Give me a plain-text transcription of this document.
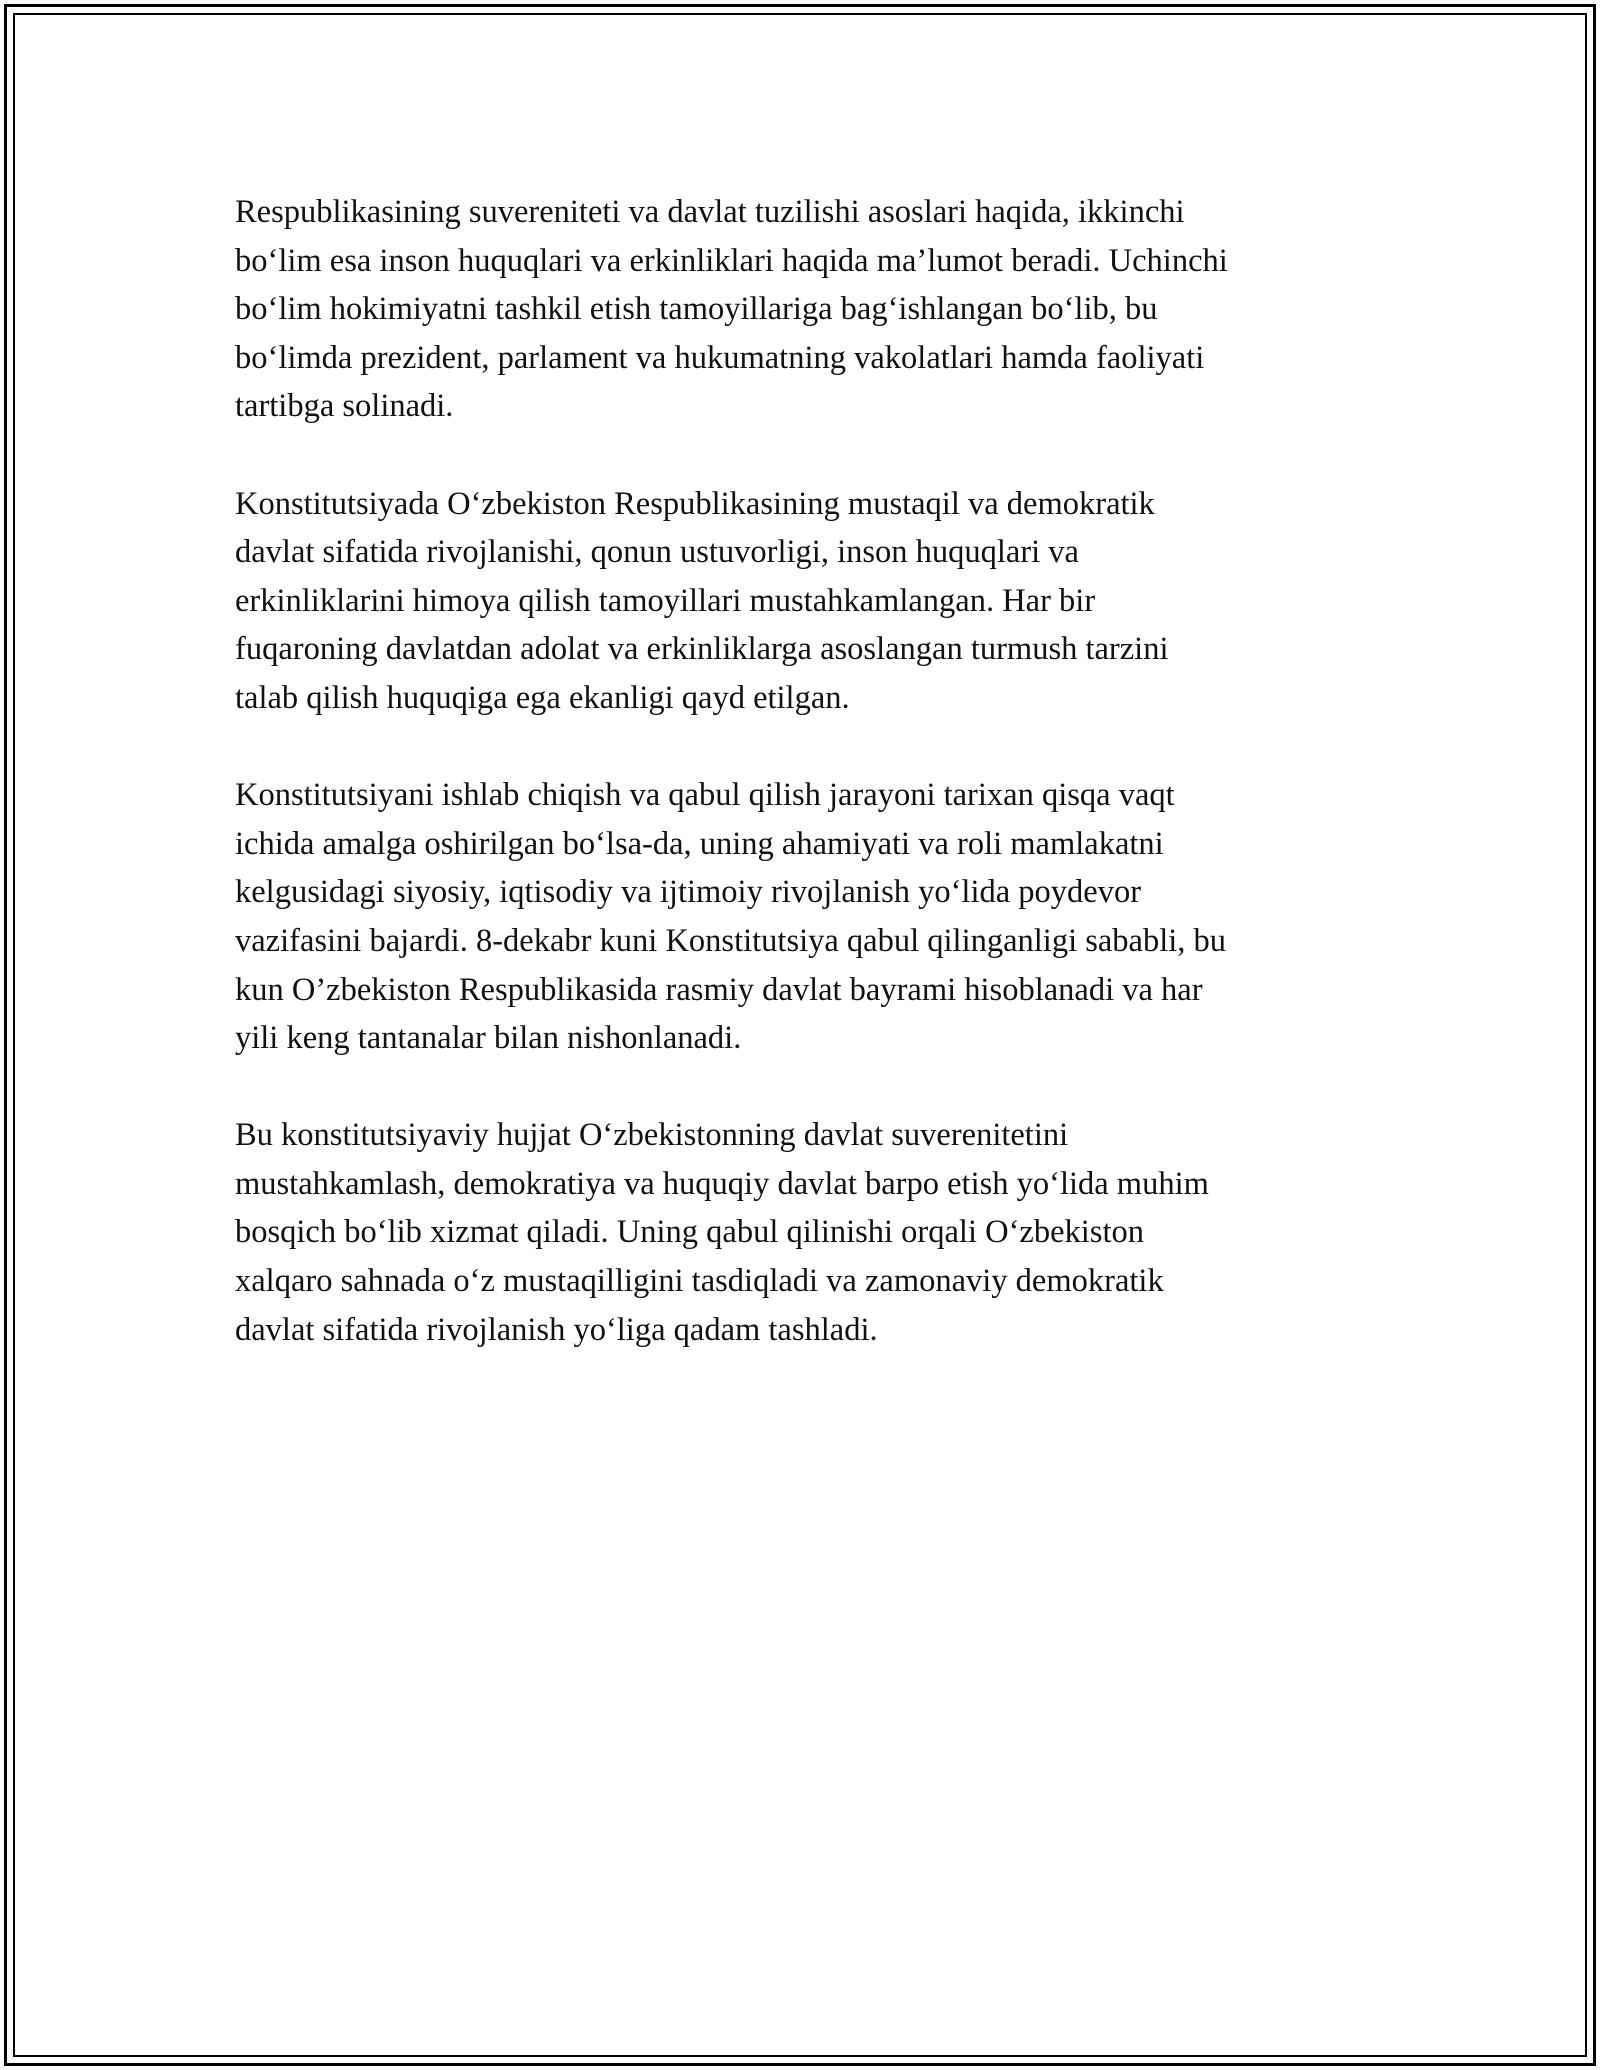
Respublikasining suvereniteti va davlat tuzilishi asoslari haqida, ikkinchi
bo‘lim esa inson huquqlari va erkinliklari haqida ma’lumot beradi. Uchinchi
bo‘lim hokimiyatni tashkil etish tamoyillariga bag‘ishlangan bo‘lib, bu
bo‘limda prezident, parlament va hukumatning vakolatlari hamda faoliyati
tartibga solinadi.

Konstitutsiyada O‘zbekiston Respublikasining mustaqil va demokratik
davlat sifatida rivojlanishi, qonun ustuvorligi, inson huquqlari va
erkinliklarini himoya qilish tamoyillari mustahkamlangan. Har bir
fuqaroning davlatdan adolat va erkinliklarga asoslangan turmush tarzini
talab qilish huquqiga ega ekanligi qayd etilgan.

Konstitutsiyani ishlab chiqish va qabul qilish jarayoni tarixan qisqa vaqt
ichida amalga oshirilgan bo‘lsa-da, uning ahamiyati va roli mamlakatni
kelgusidagi siyosiy, iqtisodiy va ijtimoiy rivojlanish yo‘lida poydevor
vazifasini bajardi. 8-dekabr kuni Konstitutsiya qabul qilinganligi sababli, bu
kun O’zbekiston Respublikasida rasmiy davlat bayrami hisoblanadi va har
yili keng tantanalar bilan nishonlanadi.

Bu konstitutsiyaviy hujjat O‘zbekistonning davlat suverenitetini
mustahkamlash, demokratiya va huquqiy davlat barpo etish yo‘lida muhim
bosqich bo‘lib xizmat qiladi. Uning qabul qilinishi orqali O‘zbekiston
xalqaro sahnada o‘z mustaqilligini tasdiqladi va zamonaviy demokratik
davlat sifatida rivojlanish yo‘liga qadam tashladi.
